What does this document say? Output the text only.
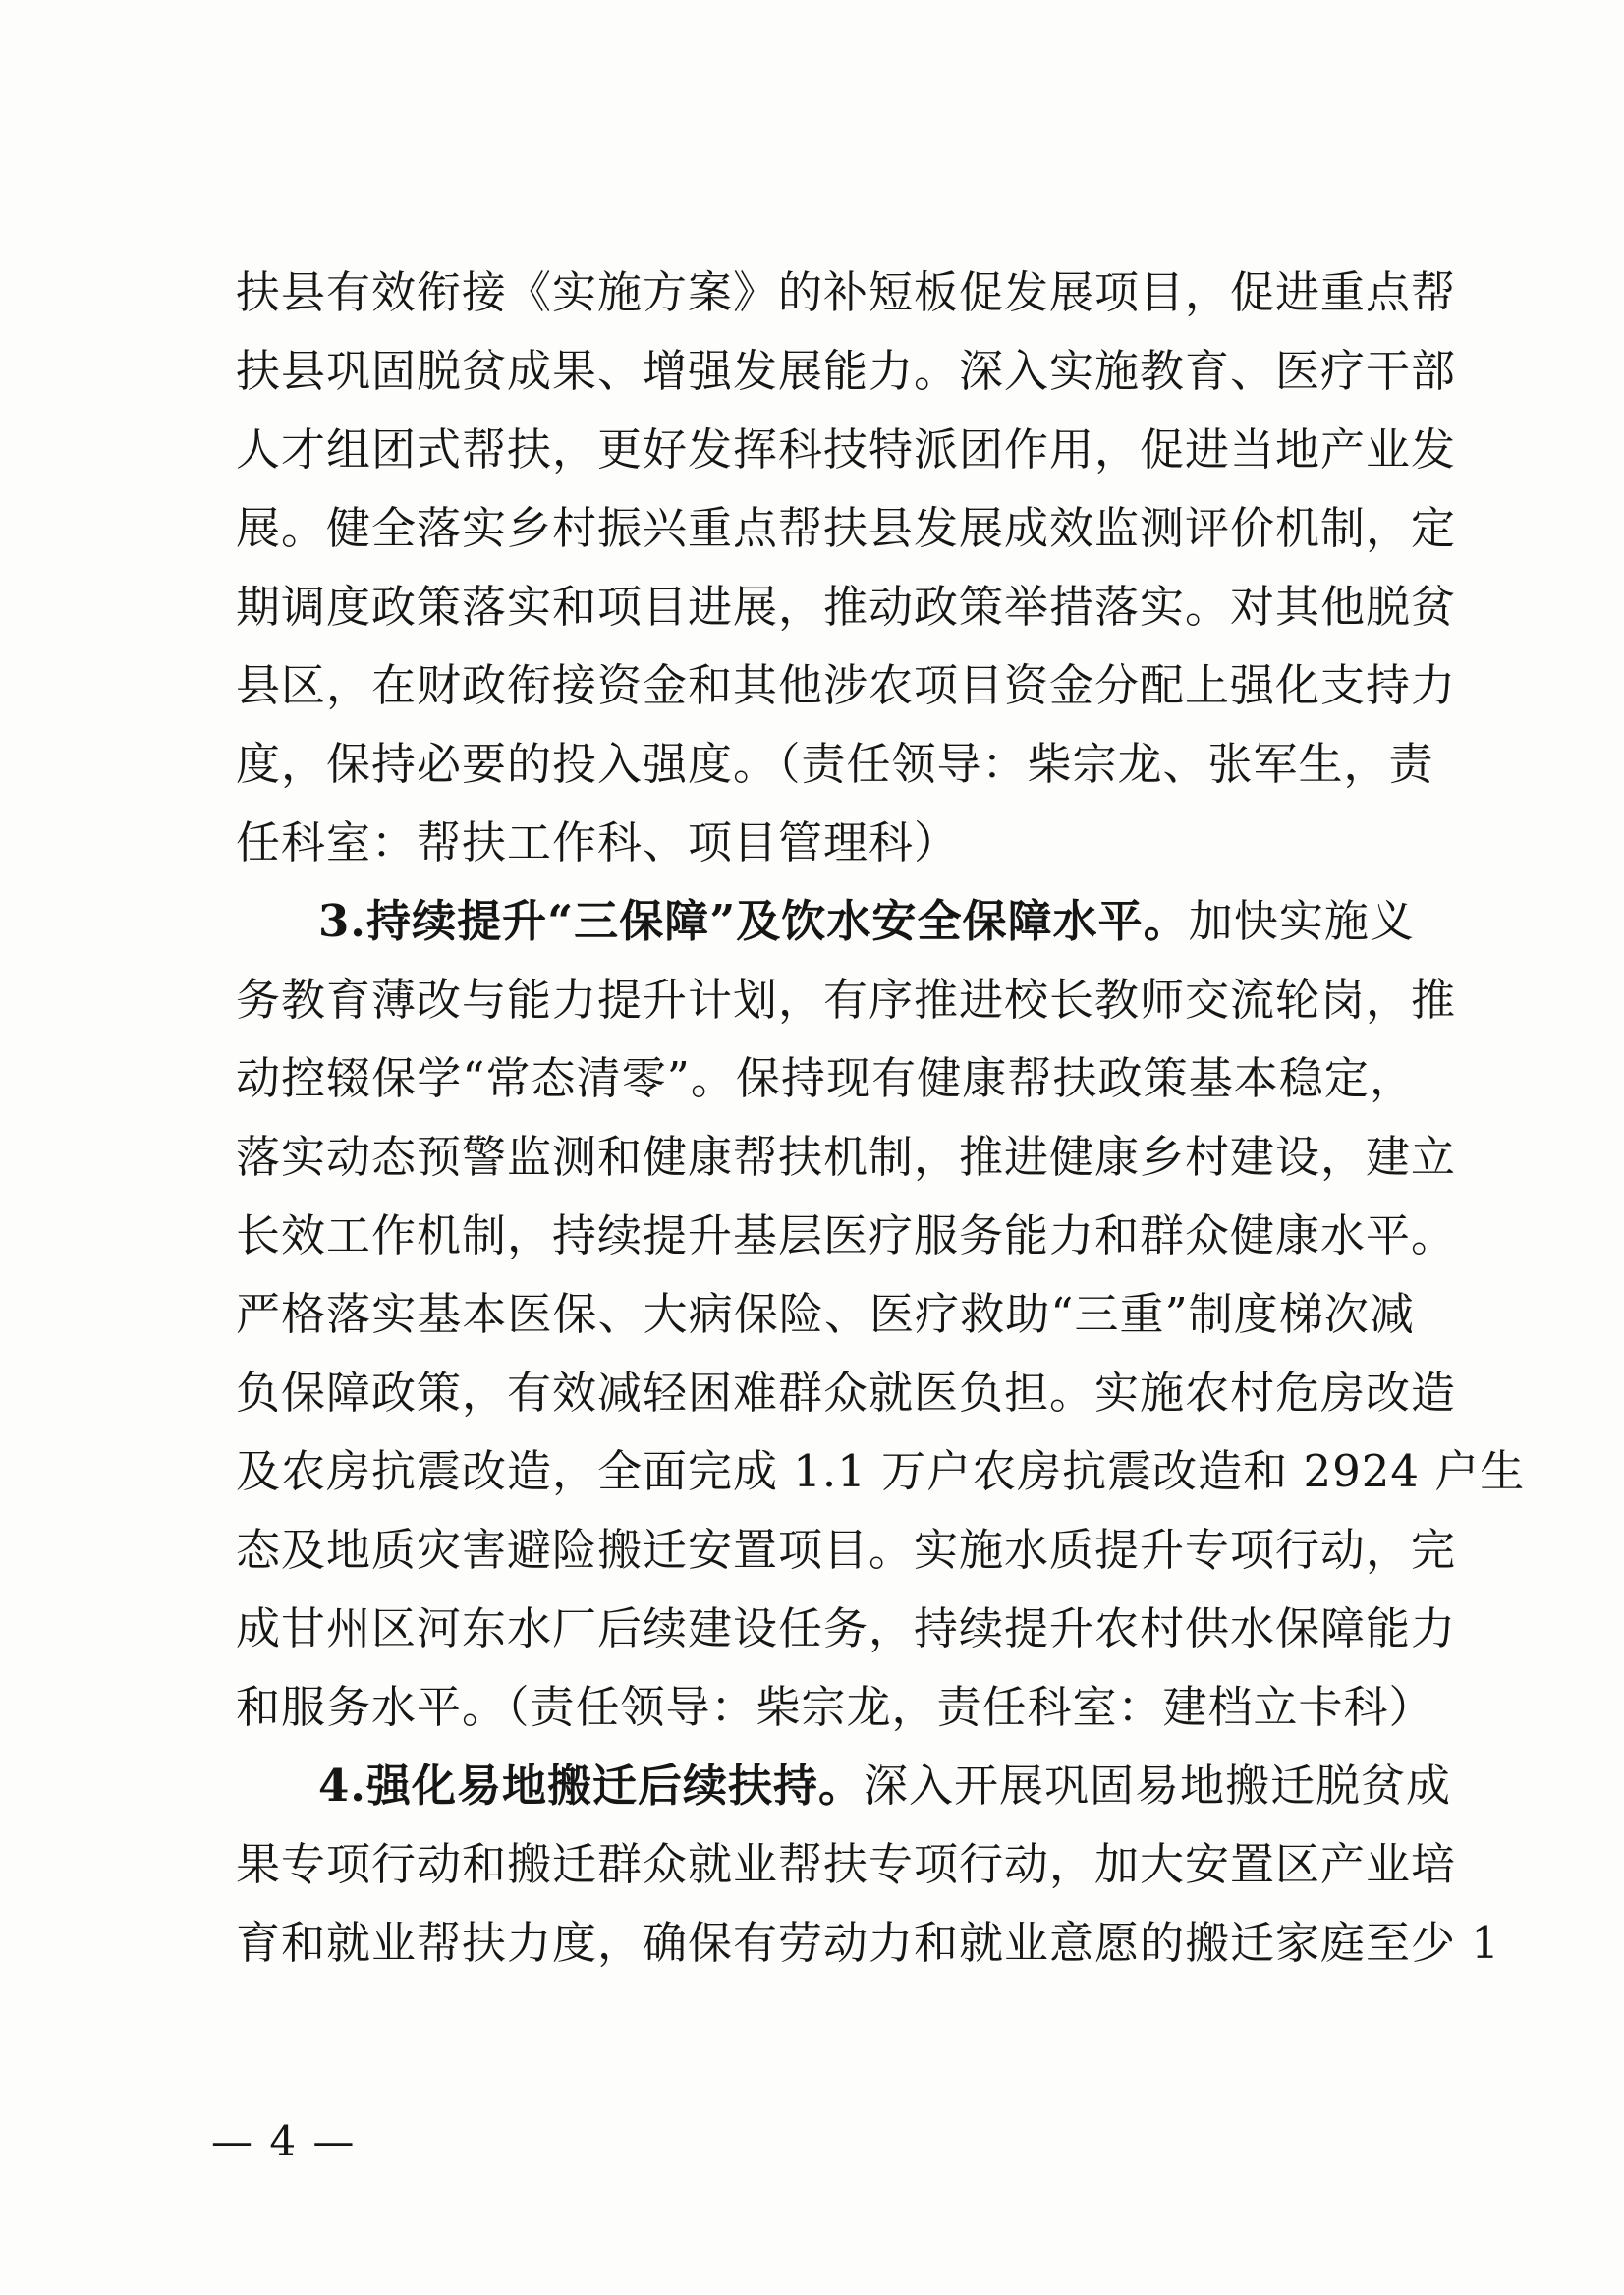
扶县有效衔接《实施方案》的补短板促发展项目，促进重点帮
扶县巩固脱贫成果、增强发展能力。深入实施教育、医疗干部
人才组团式帮扶，更好发挥科技特派团作用，促进当地产业发
展。健全落实乡村振兴重点帮扶县发展成效监测评价机制，定
期调度政策落实和项目进展，推动政策举措落实。对其他脱贫
县区，在财政衔接资金和其他涉农项目资金分配上强化支持力
度，保持必要的投入强度。（责任领导：柴宗龙、张军生，责
任科室：帮扶工作科、项目管理科）
3.持续提升“三保障”及饮水安全保障水平。加快实施义
务教育薄改与能力提升计划，有序推进校长教师交流轮岗，推
动控辍保学“常态清零”。保持现有健康帮扶政策基本稳定，
落实动态预警监测和健康帮扶机制，推进健康乡村建设，建立
长效工作机制，持续提升基层医疗服务能力和群众健康水平。
严格落实基本医保、大病保险、医疗救助“三重”制度梯次减
负保障政策，有效减轻困难群众就医负担。实施农村危房改造
及农房抗震改造，全面完成 1.1 万户农房抗震改造和 2924 户生
态及地质灾害避险搬迁安置项目。实施水质提升专项行动，完
成甘州区河东水厂后续建设任务，持续提升农村供水保障能力
和服务水平。（责任领导：柴宗龙，责任科室：建档立卡科）
4.强化易地搬迁后续扶持。深入开展巩固易地搬迁脱贫成
果专项行动和搬迁群众就业帮扶专项行动，加大安置区产业培
育和就业帮扶力度，确保有劳动力和就业意愿的搬迁家庭至少 1
— 4 —
